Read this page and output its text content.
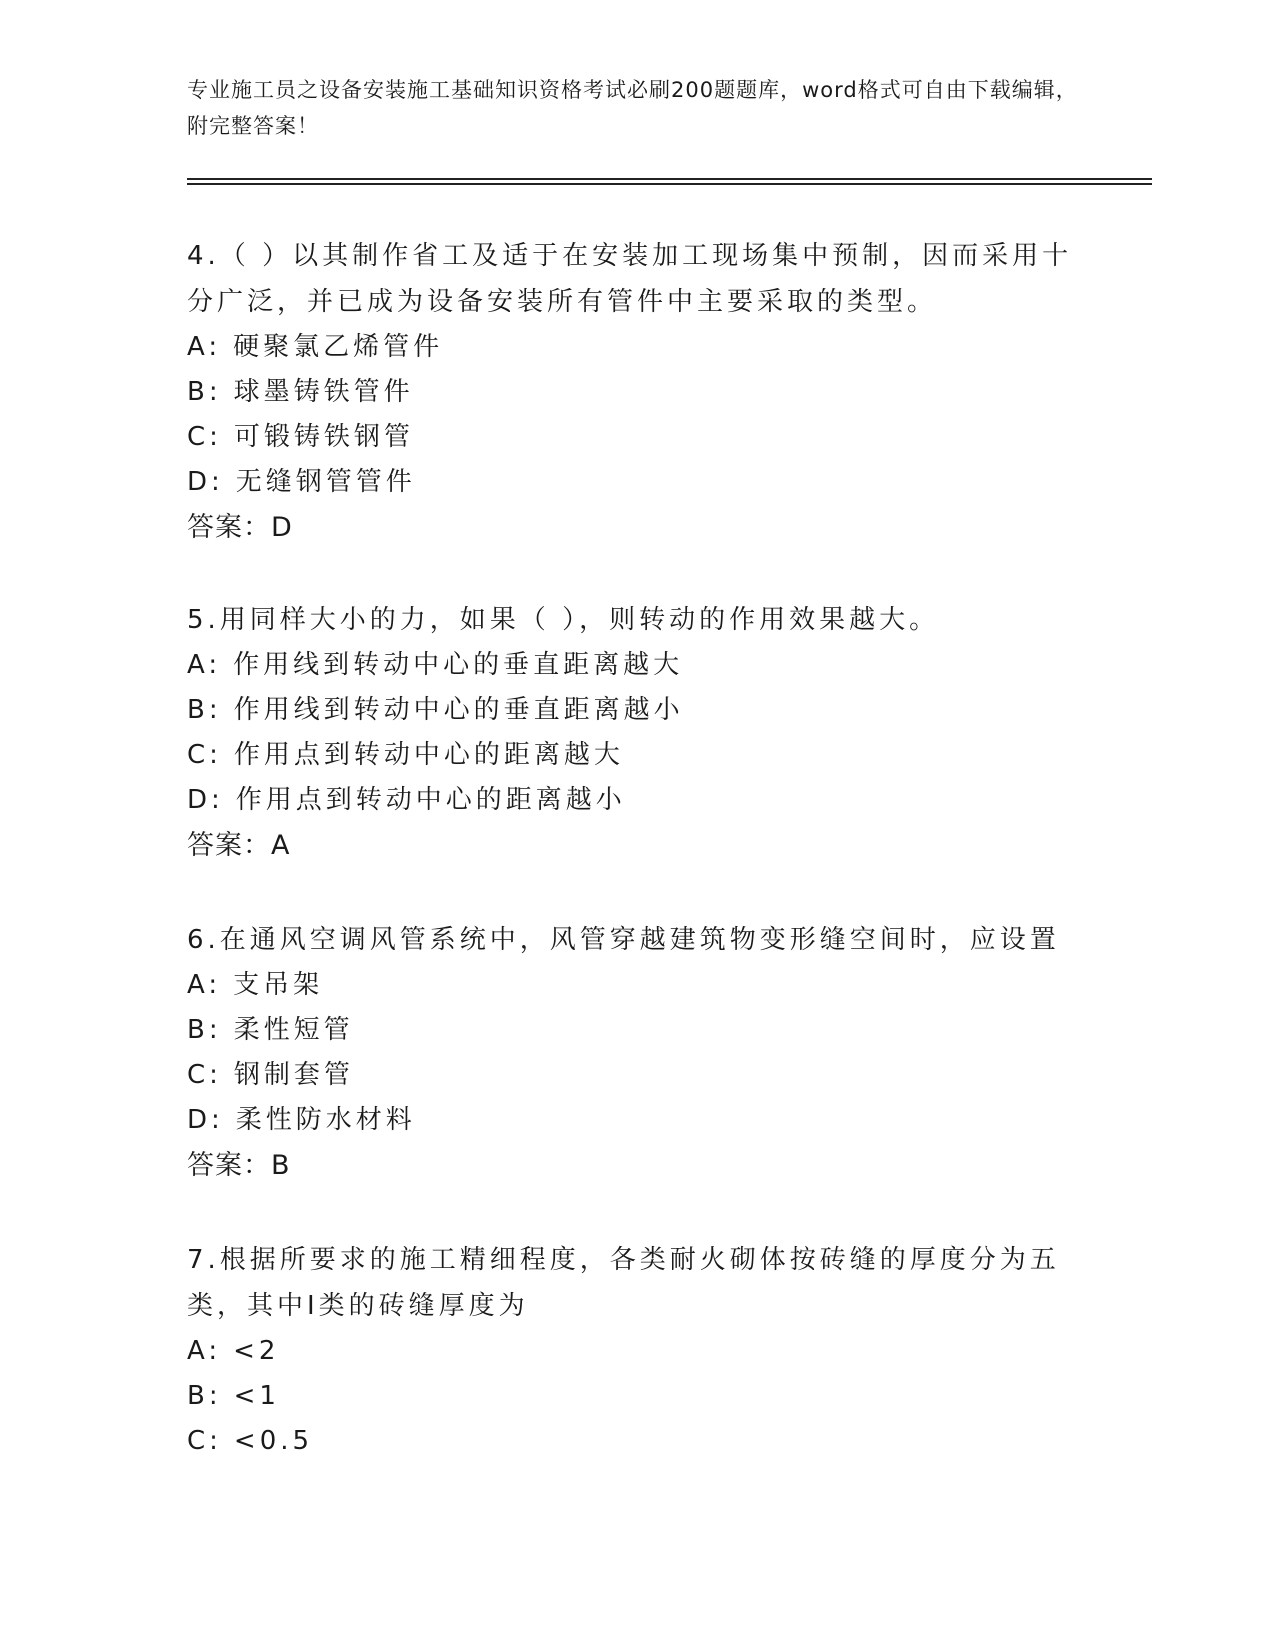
专业施工员之设备安装施工基础知识资格考试必刷200题题库，word格式可自由下载编辑，附完整答案！

4.（ ）以其制作省工及适于在安装加工现场集中预制，因而采用十分广泛，并已成为设备安装所有管件中主要采取的类型。

A: 硬聚氯乙烯管件
B: 球墨铸铁管件
C: 可锻铸铁钢管
D: 无缝钢管管件
答案：D

5.用同样大小的力，如果（ ），则转动的作用效果越大。

A: 作用线到转动中心的垂直距离越大
B: 作用线到转动中心的垂直距离越小
C: 作用点到转动中心的距离越大
D: 作用点到转动中心的距离越小
答案：A

6.在通风空调风管系统中，风管穿越建筑物变形缝空间时，应设置

A: 支吊架
B: 柔性短管
C: 钢制套管
D: 柔性防水材料
答案：B

7.根据所要求的施工精细程度，各类耐火砌体按砖缝的厚度分为五类，其中Ⅰ类的砖缝厚度为

A: <2
B: <1
C: <0.5
